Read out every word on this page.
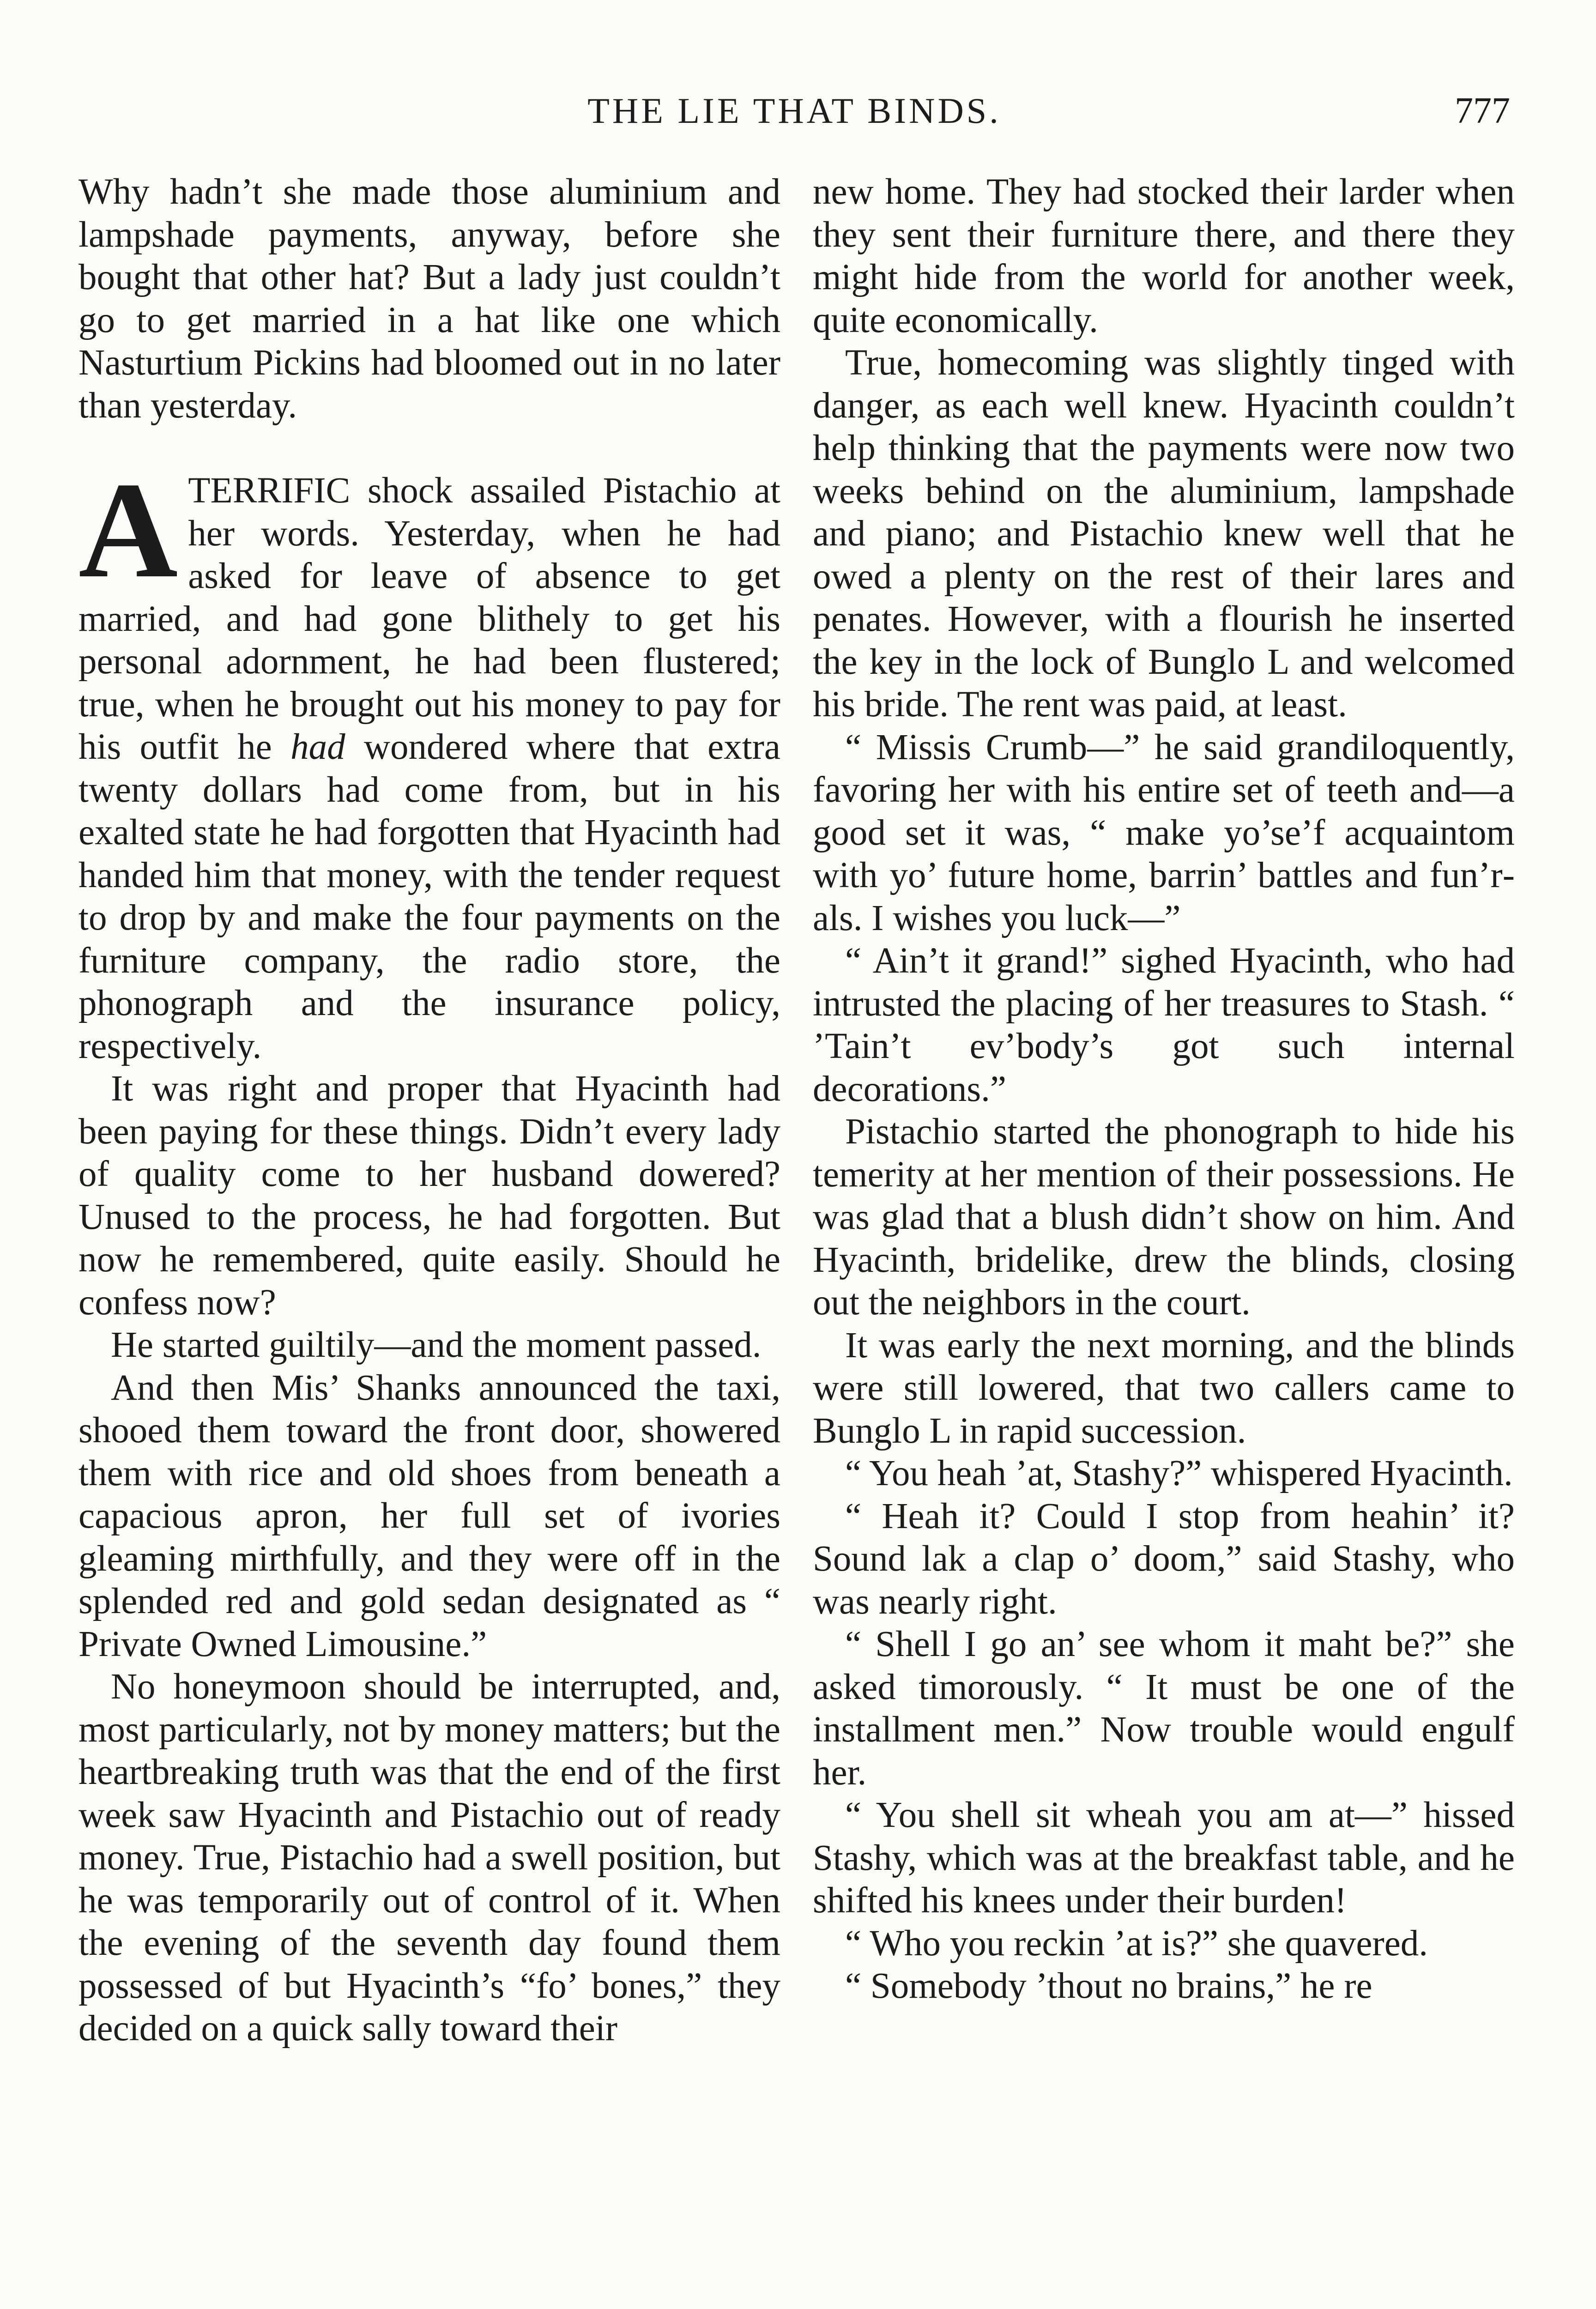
THE LIE THAT BINDS.	777

Why hadn’t she made those aluminium and lampshade payments, anyway, before she bought that other hat? But a lady just couldn’t go to get married in a hat like one which Nasturtium Pickins had bloomed out in no later than yesterday.

ATERRIFIC shock assailed Pistachio at her words. Yesterday, when he had asked for leave of absence to get married, and had gone blithely to get his personal adornment, he had been flustered; true, when he brought out his money to pay for his outfit he had wondered where that extra twenty dollars had come from, but in his exalted state he had forgotten that Hyacinth had handed him that money, with the tender request to drop by and make the four payments on the furniture company, the radio store, the phonograph and the insurance policy, respectively.

It was right and proper that Hyacinth had been paying for these things. Didn’t every lady of quality come to her husband dowered? Unused to the process, he had forgotten. But now he remembered, quite easily. Should he confess now?

He started guiltily—and the moment passed.

And then Mis’ Shanks announced the taxi, shooed them toward the front door, showered them with rice and old shoes from beneath a capacious apron, her full set of ivories gleaming mirthfully, and they were off in the splended red and gold sedan designated as “ Private Owned Limousine.”

No honeymoon should be interrupted, and, most particularly, not by money matters; but the heartbreaking truth was that the end of the first week saw Hyacinth and Pistachio out of ready money. True, Pistachio had a swell position, but he was temporarily out of control of it. When the evening of the seventh day found them possessed of but Hyacinth’s “fo’ bones,” they decided on a quick sally toward their

new home. They had stocked their larder when they sent their furniture there, and there they might hide from the world for another week, quite economically.

True, homecoming was slightly tinged with danger, as each well knew. Hyacinth couldn’t help thinking that the payments were now two weeks behind on the aluminium, lampshade and piano; and Pistachio knew well that he owed a plenty on the rest of their lares and penates. However, with a flourish he inserted the key in the lock of Bunglo L and welcomed his bride. The rent was paid, at least.

“ Missis Crumb—” he said grandiloquently, favoring her with his entire set of teeth and—a good set it was, “ make yo’se’f acquaintom with yo’ future home, barrin’ battles and fun’rals. I wishes you luck—”

“ Ain’t it grand!” sighed Hyacinth, who had intrusted the placing of her treasures to Stash. “ ’Tain’t ev’body’s got such internal decorations.”

Pistachio started the phonograph to hide his temerity at her mention of their possessions. He was glad that a blush didn’t show on him. And Hyacinth, bridelike, drew the blinds, closing out the neighbors in the court.

It was early the next morning, and the blinds were still lowered, that two callers came to Bunglo L in rapid succession.

“ You heah ’at, Stashy?” whispered Hyacinth.

“ Heah it? Could I stop from heahin’ it? Sound lak a clap o’ doom,” said Stashy, who was nearly right.

“ Shell I go an’ see whom it maht be?” she asked timorously. “ It must be one of the installment men.” Now trouble would engulf her.

“ You shell sit wheah you am at—” hissed Stashy, which was at the breakfast table, and he shifted his knees under their burden!

“ Who you reckin ’at is?” she quavered.

“ Somebody ’thout no brains,” he re
